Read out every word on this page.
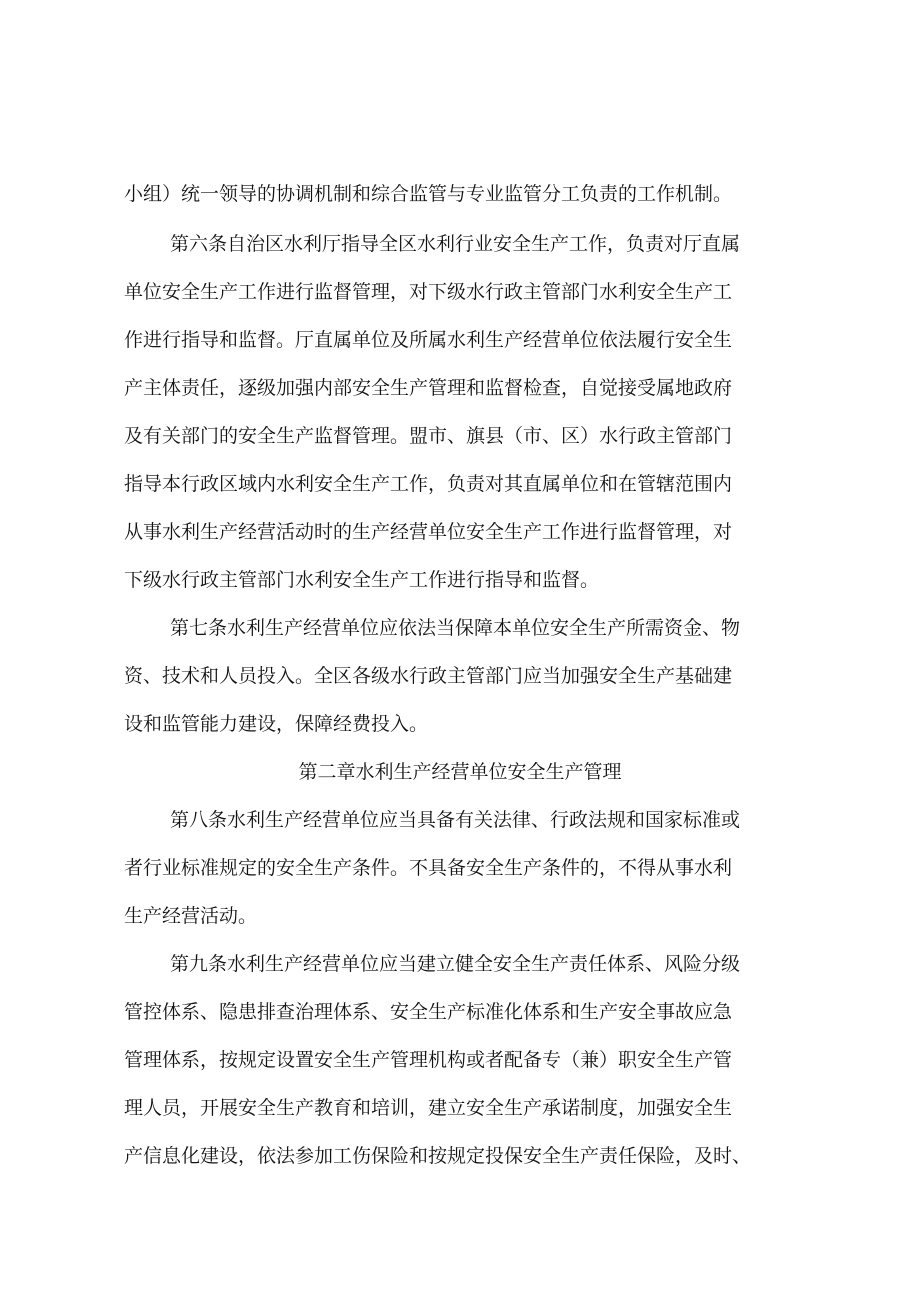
小组）统一领导的协调机制和综合监管与专业监管分工负责的工作机制。
第六条自治区水利厅指导全区水利行业安全生产工作，负责对厅直属
单位安全生产工作进行监督管理，对下级水行政主管部门水利安全生产工
作进行指导和监督。厅直属单位及所属水利生产经营单位依法履行安全生
产主体责任，逐级加强内部安全生产管理和监督检查，自觉接受属地政府
及有关部门的安全生产监督管理。盟市、旗县（市、区）水行政主管部门
指导本行政区域内水利安全生产工作，负责对其直属单位和在管辖范围内
从事水利生产经营活动时的生产经营单位安全生产工作进行监督管理，对
下级水行政主管部门水利安全生产工作进行指导和监督。
第七条水利生产经营单位应依法当保障本单位安全生产所需资金、物
资、技术和人员投入。全区各级水行政主管部门应当加强安全生产基础建
设和监管能力建设，保障经费投入。
第二章水利生产经营单位安全生产管理
第八条水利生产经营单位应当具备有关法律、行政法规和国家标准或
者行业标准规定的安全生产条件。不具备安全生产条件的，不得从事水利
生产经营活动。
第九条水利生产经营单位应当建立健全安全生产责任体系、风险分级
管控体系、隐患排查治理体系、安全生产标准化体系和生产安全事故应急
管理体系，按规定设置安全生产管理机构或者配备专（兼）职安全生产管
理人员，开展安全生产教育和培训，建立安全生产承诺制度，加强安全生
产信息化建设，依法参加工伤保险和按规定投保安全生产责任保险，及时、
